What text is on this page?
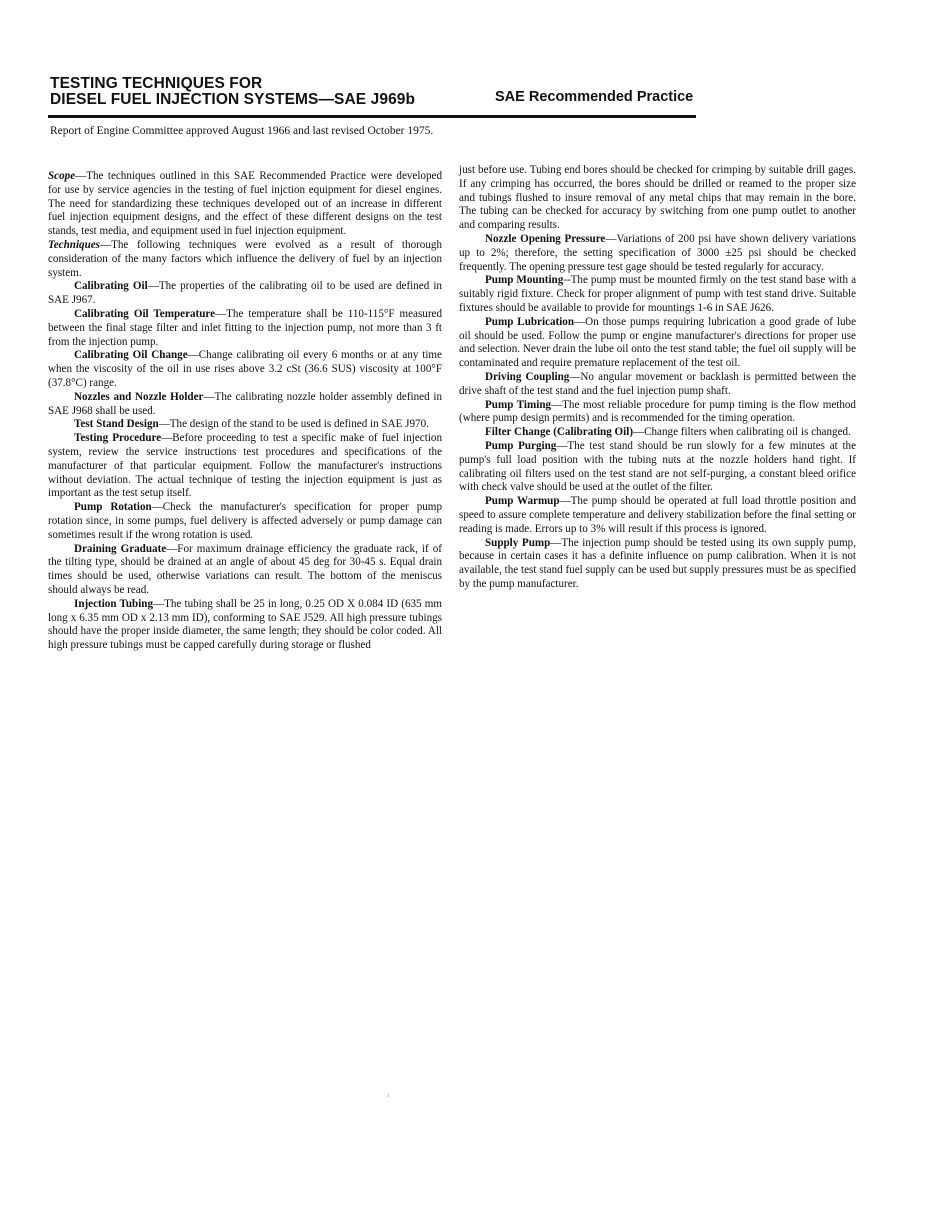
TESTING TECHNIQUES FOR
DIESEL FUEL INJECTION SYSTEMS—SAE J969b	SAE Recommended Practice
Report of Engine Committee approved August 1966 and last revised October 1975.

Scope—The techniques outlined in this SAE Recommended Practice were developed for use by service agencies in the testing of fuel injction equipment for diesel engines. The need for standardizing these techniques developed out of an increase in different fuel injection equipment designs, and the effect of these different designs on the test stands, test media, and equipment used in fuel injection equipment.

Techniques—The following techniques were evolved as a result of thorough consideration of the many factors which influence the delivery of fuel by an injection system.

Calibrating Oil—The properties of the calibrating oil to be used are defined in SAE J967.

Calibrating Oil Temperature—The temperature shall be 110-115°F measured between the final stage filter and inlet fitting to the injection pump, not more than 3 ft from the injection pump.

Calibrating Oil Change—Change calibrating oil every 6 months or at any time when the viscosity of the oil in use rises above 3.2 cSt (36.6 SUS) viscosity at 100°F (37.8°C) range.

Nozzles and Nozzle Holder—The calibrating nozzle holder assembly defined in SAE J968 shall be used.

Test Stand Design—The design of the stand to be used is defined in SAE J970.

Testing Procedure—Before proceeding to test a specific make of fuel injection system, review the service instructions test procedures and specifications of the manufacturer of that particular equipment. Follow the manufacturer's instructions without deviation. The actual technique of testing the injection equipment is just as important as the test setup itself.

Pump Rotation—Check the manufacturer's specification for proper pump rotation since, in some pumps, fuel delivery is affected adversely or pump damage can sometimes result if the wrong rotation is used.

Draining Graduate—For maximum drainage efficiency the graduate rack, if of the tilting type, should be drained at an angle of about 45 deg for 30-45 s. Equal drain times should be used, otherwise variations can result. The bottom of the meniscus should always be read.

Injection Tubing—The tubing shall be 25 in long, 0.25 OD X 0.084 ID (635 mm long x 6.35 mm OD x 2.13 mm ID), conforming to SAE J529. All high pressure tubings should have the proper inside diameter, the same length; they should be color coded. All high pressure tubings must be capped carefully during storage or flushed

just before use. Tubing end bores should be checked for crimping by suitable drill gages. If any crimping has occurred, the bores should be drilled or reamed to the proper size and tubings flushed to insure removal of any metal chips that may remain in the bore. The tubing can be checked for accuracy by switching from one pump outlet to another and comparing results.

Nozzle Opening Pressure—Variations of 200 psi have shown delivery variations up to 2%; therefore, the setting specification of 3000 ±25 psi should be checked frequently. The opening pressure test gage should be tested regularly for accuracy.

Pump Mounting--The pump must be mounted firmly on the test stand base with a suitably rigid fixture. Check for proper alignment of pump with test stand drive. Suitable fixtures should be available to provide for mountings 1-6 in SAE J626.

Pump Lubrication—On those pumps requiring lubrication a good grade of lube oil should be used. Follow the pump or engine manufacturer's directions for proper use and selection. Never drain the lube oil onto the test stand table; the fuel oil supply will be contaminated and require premature replacement of the test oil.

Driving Coupling—No angular movement or backlash is permitted between the drive shaft of the test stand and the fuel injection pump shaft.

Pump Timing—The most reliable procedure for pump timing is the flow method (where pump design permits) and is recommended for the timing operation.

Filter Change (Calibrating Oil)—Change filters when calibrating oil is changed.

Pump Purging—The test stand should be run slowly for a few minutes at the pump's full load position with the tubing nuts at the nozzle holders hand tight. If calibrating oil filters used on the test stand are not self-purging, a constant bleed orifice with check valve should be used at the outlet of the filter.

Pump Warmup—The pump should be operated at full load throttle position and speed to assure complete temperature and delivery stabilization before the final setting or reading is made. Errors up to 3% will result if this process is ignored.

Supply Pump—The injection pump should be tested using its own supply pump, because in certain cases it has a definite influence on pump calibration. When it is not available, the test stand fuel supply can be used but supply pressures must be as specified by the pump manufacturer.
